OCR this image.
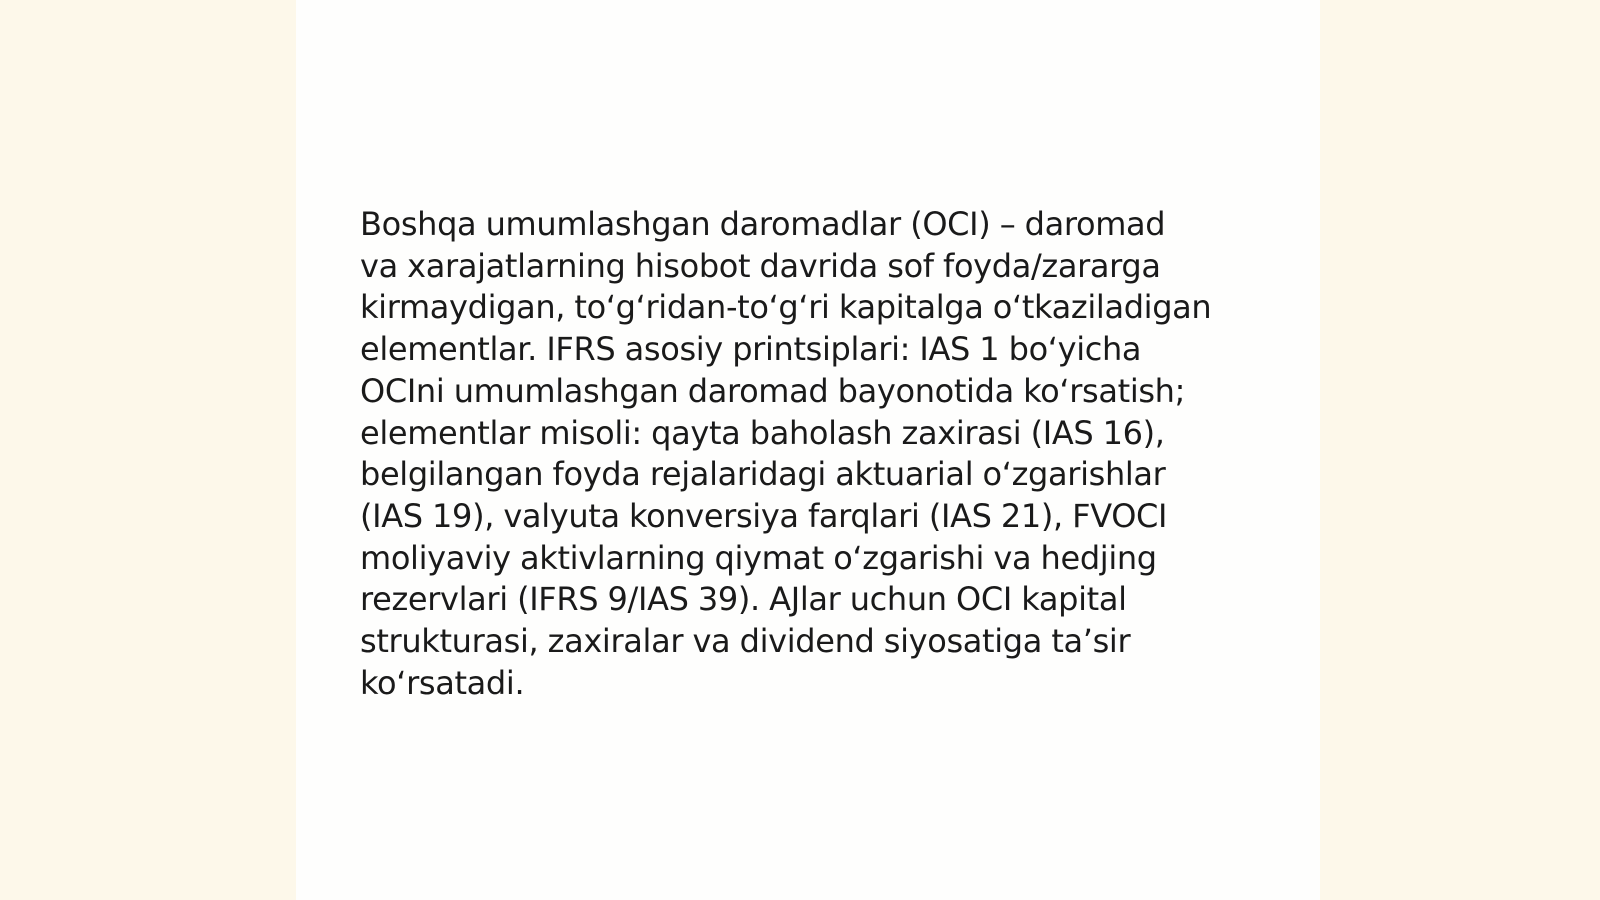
Boshqa umumlashgan daromadlar (OCI) – daromad
va xarajatlarning hisobot davrida sof foyda/zararga
kirmaydigan, to‘g‘ridan-to‘g‘ri kapitalga o‘tkaziladigan
elementlar. IFRS asosiy printsiplari: IAS 1 bo‘yicha
OCIni umumlashgan daromad bayonotida ko‘rsatish;
elementlar misoli: qayta baholash zaxirasi (IAS 16),
belgilangan foyda rejalaridagi aktuarial o‘zgarishlar
(IAS 19), valyuta konversiya farqlari (IAS 21), FVOCI
moliyaviy aktivlarning qiymat o‘zgarishi va hedjing
rezervlari (IFRS 9/IAS 39). AJlar uchun OCI kapital
strukturasi, zaxiralar va dividend siyosatiga ta’sir
ko‘rsatadi.
